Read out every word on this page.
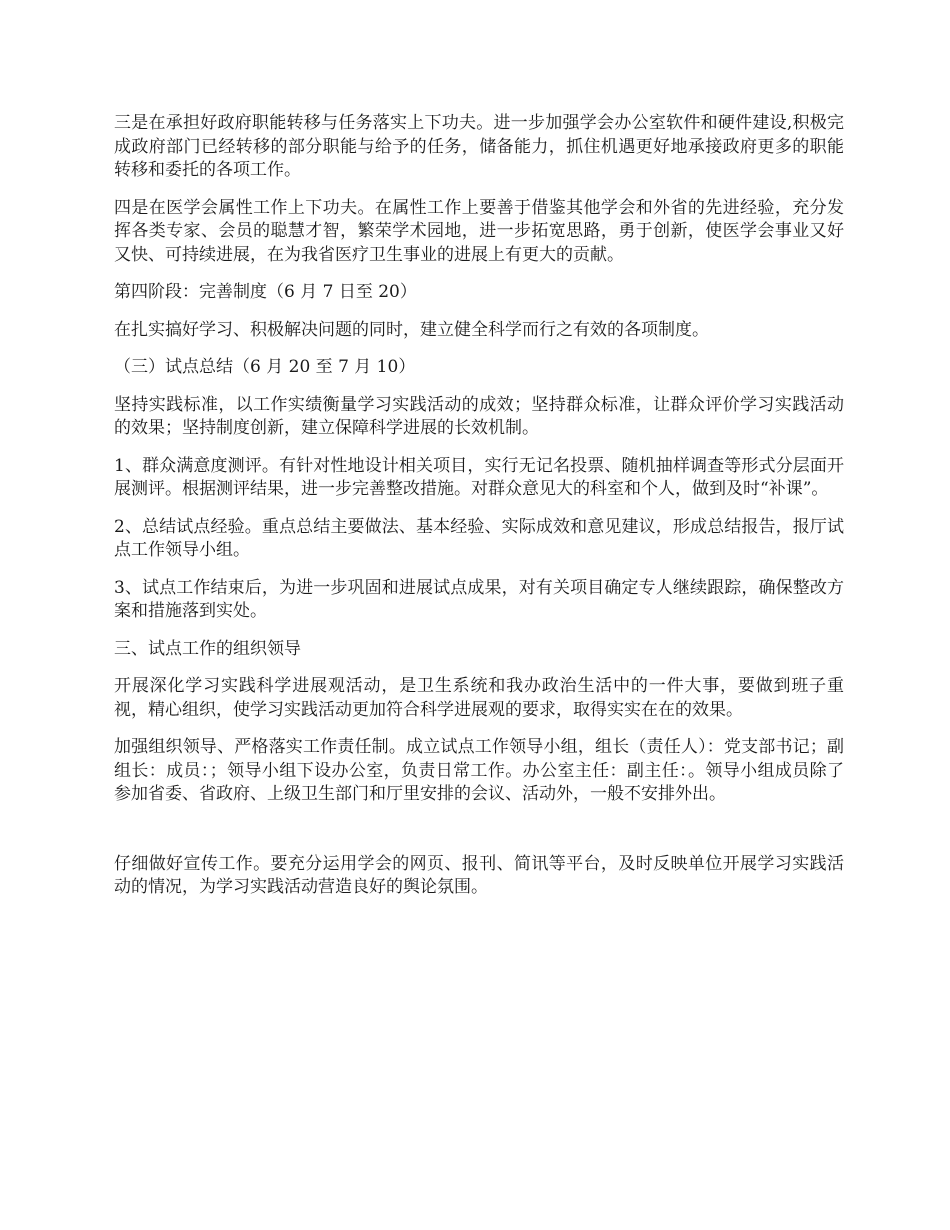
三是在承担好政府职能转移与任务落实上下功夫。进一步加强学会办公室软件和硬件建设,积极完成政府部门已经转移的部分职能与给予的任务，储备能力，抓住机遇更好地承接政府更多的职能转移和委托的各项工作。

四是在医学会属性工作上下功夫。在属性工作上要善于借鉴其他学会和外省的先进经验，充分发挥各类专家、会员的聪慧才智，繁荣学术园地，进一步拓宽思路，勇于创新，使医学会事业又好又快、可持续进展，在为我省医疗卫生事业的进展上有更大的贡献。

第四阶段：完善制度（6 月 7 日至 20）

在扎实搞好学习、积极解决问题的同时，建立健全科学而行之有效的各项制度。

（三）试点总结（6 月 20 至 7 月 10）

坚持实践标准，以工作实绩衡量学习实践活动的成效；坚持群众标准，让群众评价学习实践活动的效果；坚持制度创新，建立保障科学进展的长效机制。

1、群众满意度测评。有针对性地设计相关项目，实行无记名投票、随机抽样调查等形式分层面开展测评。根据测评结果，进一步完善整改措施。对群众意见大的科室和个人，做到及时“补课”。

2、总结试点经验。重点总结主要做法、基本经验、实际成效和意见建议，形成总结报告，报厅试点工作领导小组。

3、试点工作结束后，为进一步巩固和进展试点成果，对有关项目确定专人继续跟踪，确保整改方案和措施落到实处。

三、试点工作的组织领导

开展深化学习实践科学进展观活动，是卫生系统和我办政治生活中的一件大事，要做到班子重视，精心组织，使学习实践活动更加符合科学进展观的要求，取得实实在在的效果。

加强组织领导、严格落实工作责任制。成立试点工作领导小组，组长（责任人）：党支部书记；副组长：成员：；领导小组下设办公室，负责日常工作。办公室主任：副主任：。领导小组成员除了参加省委、省政府、上级卫生部门和厅里安排的会议、活动外，一般不安排外出。

仔细做好宣传工作。要充分运用学会的网页、报刊、简讯等平台，及时反映单位开展学习实践活动的情况，为学习实践活动营造良好的舆论氛围。
